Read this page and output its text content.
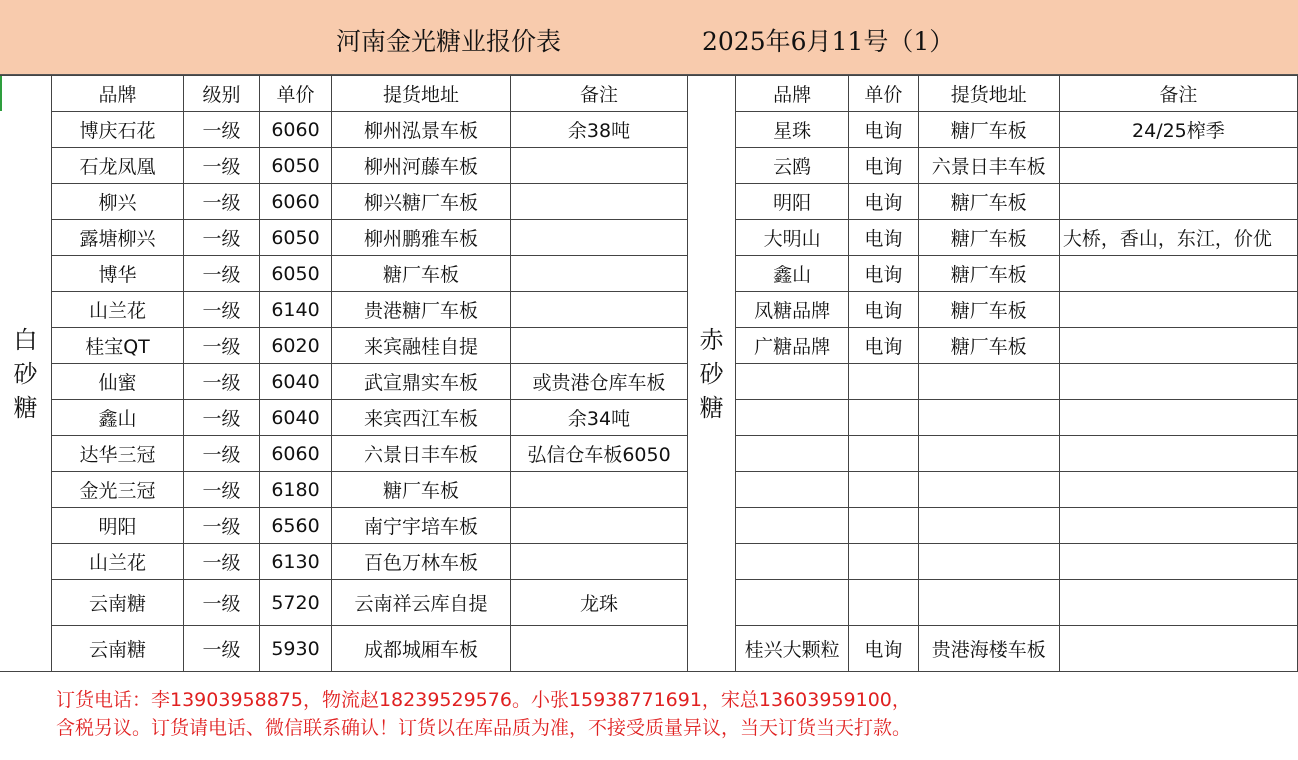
河南金光糖业报价表	2025年6月11号（1）
白
砂
糖	品牌	级别	单价	提货地址	备注
	博庆石花	一级	6060	柳州泓景车板	余38吨
	石龙凤凰	一级	6050	柳州河藤车板	
	柳兴	一级	6060	柳兴糖厂车板	
	露塘柳兴	一级	6050	柳州鹏雅车板	
	博华	一级	6050	糖厂车板	
	山兰花	一级	6140	贵港糖厂车板	
	桂宝QT	一级	6020	来宾融桂自提	
	仙蜜	一级	6040	武宣鼎实车板	或贵港仓库车板
	鑫山	一级	6040	来宾西江车板	余34吨
	达华三冠	一级	6060	六景日丰车板	弘信仓车板6050
	金光三冠	一级	6180	糖厂车板	
	明阳	一级	6560	南宁宇培车板	
	山兰花	一级	6130	百色万林车板	
	云南糖	一级	5720	云南祥云库自提	龙珠
	云南糖	一级	5930	成都城厢车板	
赤
砂
糖	品牌	单价	提货地址	备注
	星珠	电询	糖厂车板	24/25榨季
	云鸥	电询	六景日丰车板	
	明阳	电询	糖厂车板	
	大明山	电询	糖厂车板	大桥，香山，东江，价优
	鑫山	电询	糖厂车板	
	凤糖品牌	电询	糖厂车板	
	广糖品牌	电询	糖厂车板	

	桂兴大颗粒	电询	贵港海楼车板	
订货电话：李13903958875，物流赵18239529576。小张15938771691，宋总13603959100，
含税另议。订货请电话、微信联系确认！订货以在库品质为准，不接受质量异议，当天订货当天打款。
